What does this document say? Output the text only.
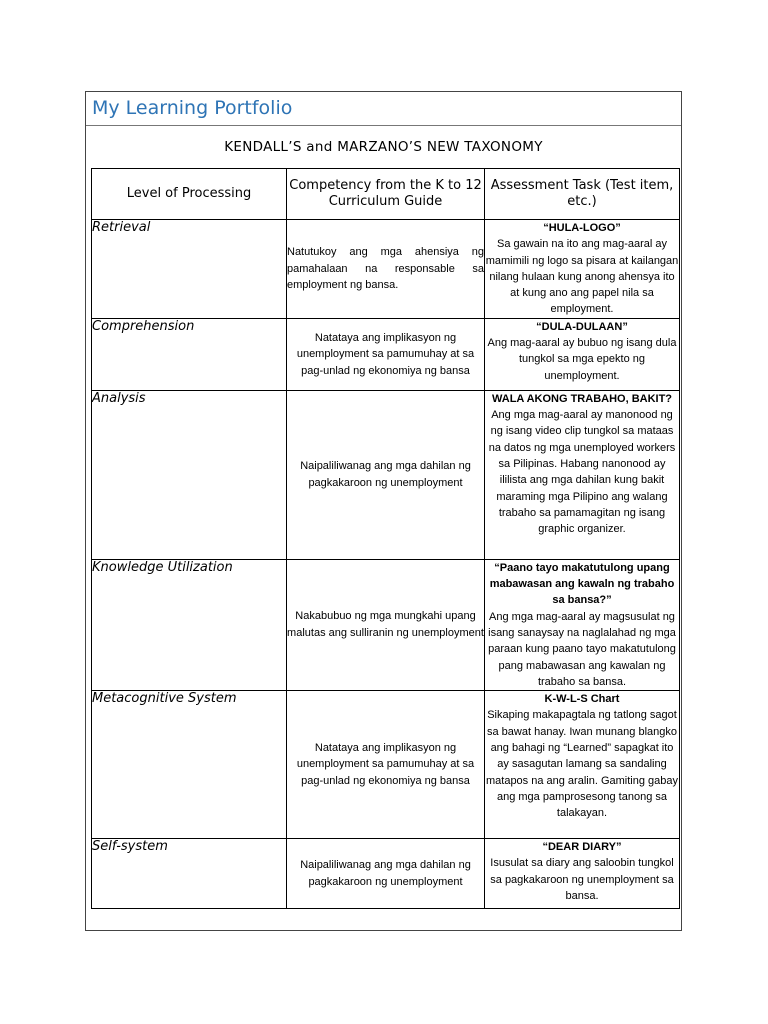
My Learning Portfolio
KENDALL’S and MARZANO’S NEW TAXONOMY
Level of Processing	Competency from the K to 12 Curriculum Guide	Assessment Task (Test item, etc.)
Retrieval	Natutukoy ang mga ahensiya ng pamahalaan na responsable sa employment ng bansa.	“HULA-LOGO”
Sa gawain na ito ang mag-aaral ay mamimili ng logo sa pisara at kailangan nilang hulaan kung anong ahensya ito at kung ano ang papel nila sa employment.

Comprehension	Natataya ang implikasyon ng unemployment sa pamumuhay at sa pag-unlad ng ekonomiya ng bansa	“DULA-DULAAN”
Ang mag-aaral ay bubuo ng isang dula tungkol sa mga epekto ng unemployment.

Analysis	Naipaliliwanag ang mga dahilan ng pagkakaroon ng unemployment	WALA AKONG TRABAHO, BAKIT?
Ang mga mag-aaral ay manonood ng ng isang video clip tungkol sa mataas na datos ng mga unemployed workers sa Pilipinas. Habang nanonood ay ililista ang mga dahilan kung bakit maraming mga Pilipino ang walang trabaho sa pamamagitan ng isang graphic organizer.

Knowledge Utilization	Nakabubuo ng mga mungkahi upang malutas ang sulliranin ng unemployment	“Paano tayo makatutulong upang mabawasan ang kawaln ng trabaho sa bansa?”
Ang mga mag-aaral ay magsusulat ng isang sanaysay na naglalahad ng mga paraan kung paano tayo makatutulong pang mabawasan ang kawalan ng trabaho sa bansa.

Metacognitive System	Natataya ang implikasyon ng unemployment sa pamumuhay at sa pag-unlad ng ekonomiya ng bansa	K-W-L-S Chart
Sikaping makapagtala ng tatlong sagot sa bawat hanay. Iwan munang blangko ang bahagi ng “Learned” sapagkat ito ay sasagutan lamang sa sandaling matapos na ang aralin. Gamiting gabay ang mga pamprosesong tanong sa talakayan.

Self-system	Naipaliliwanag ang mga dahilan ng pagkakaroon ng unemployment	“DEAR DIARY”
Isusulat sa diary ang saloobin tungkol sa pagkakaroon ng unemployment sa bansa.
